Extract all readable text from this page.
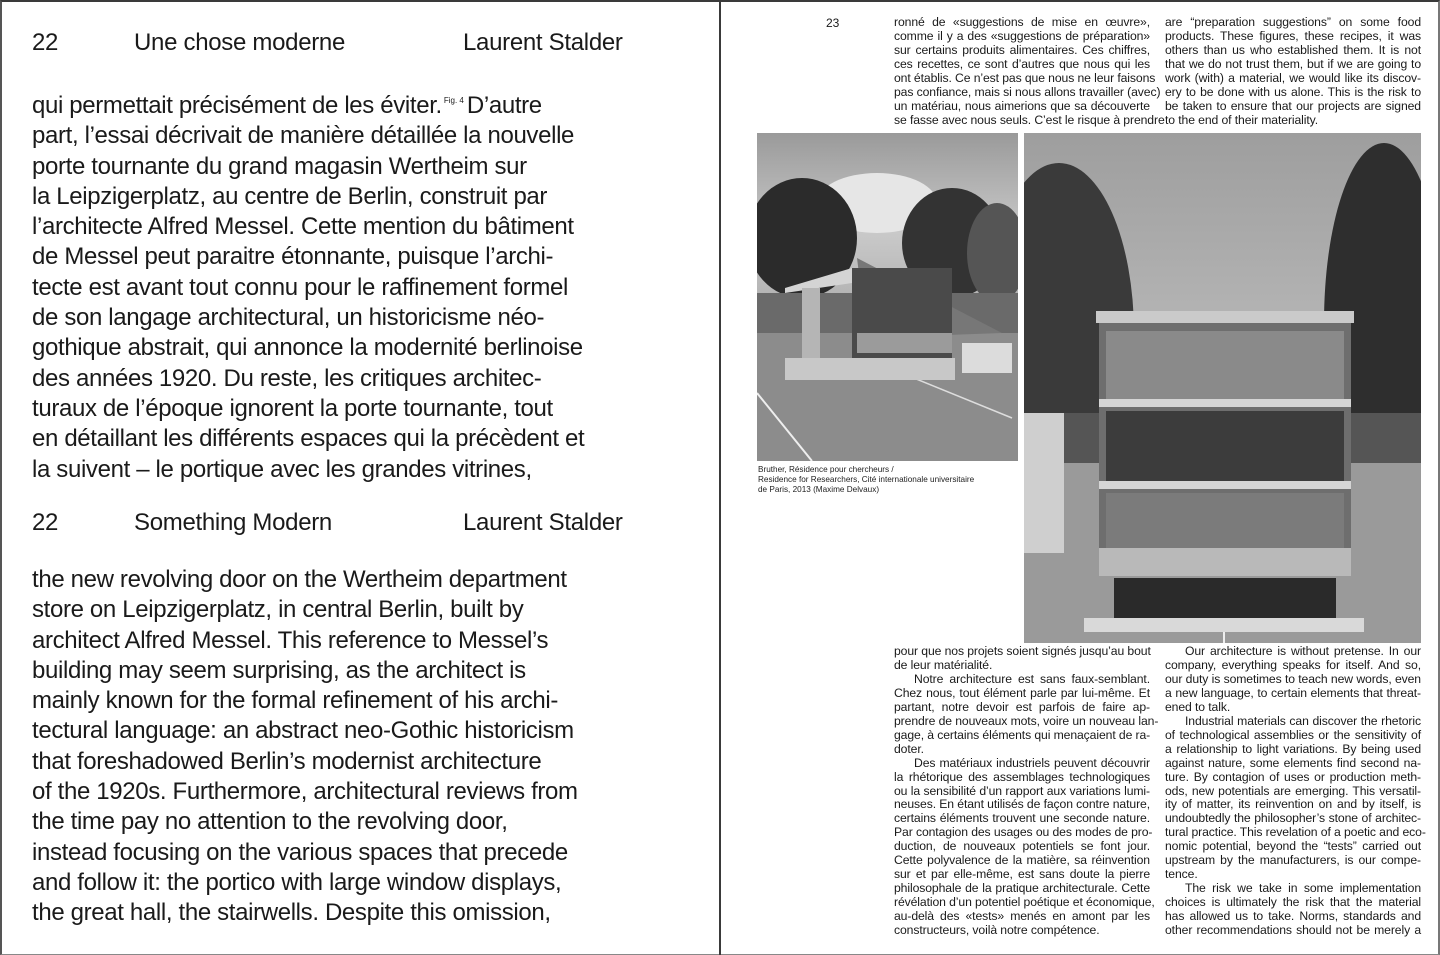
22	Une chose moderne	Laurent Stalder
qui permettait précisément de les éviter. $^{Fig. 4}$ D’autre
part, l’essai décrivait de manière détaillée la nouvelle
porte tournante du grand magasin Wertheim sur
la Leipzigerplatz, au centre de Berlin, construit par
l’architecte Alfred Messel. Cette mention du bâtiment
de Messel peut paraitre étonnante, puisque l’archi-
tecte est avant tout connu pour le raffinement formel
de son langage architectural, un historicisme néo-
gothique abstrait, qui annonce la modernité berlinoise
des années 1920. Du reste, les critiques architec-
turaux de l’époque ignorent la porte tournante, tout
en détaillant les différents espaces qui la précèdent et
la suivent – le portique avec les grandes vitrines,
22	Something Modern	Laurent Stalder
the new revolving door on the Wertheim department
store on Leipzigerplatz, in central Berlin, built by
architect Alfred Messel. This reference to Messel’s
building may seem surprising, as the architect is
mainly known for the formal refinement of his archi-
tectural language: an abstract neo-Gothic historicism
that foreshadowed Berlin’s modernist architecture
of the 1920s. Furthermore, architectural reviews from
the time pay no attention to the revolving door,
instead focusing on the various spaces that precede
and follow it: the portico with large window displays,
the great hall, the stairwells. Despite this omission,
23	ronné de «suggestions de mise en œuvre»,
comme il y a des «suggestions de préparation»
sur certains produits alimentaires. Ces chiffres,
ces recettes, ce sont d’autres que nous qui les
ont établis. Ce n’est pas que nous ne leur faisons
pas confiance, mais si nous allons travailler (avec)
un matériau, nous aimerions que sa découverte
se fasse avec nous seuls. C’est le risque à prendre
are “preparation suggestions” on some food
products. These figures, these recipes, it was
others than us who established them. It is not
that we do not trust them, but if we are going to
work (with) a material, we would like its discov-
ery to be done with us alone. This is the risk to
be taken to ensure that our projects are signed
to the end of their materiality.
Bruther, Résidence pour chercheurs /
Residence for Researchers, Cité internationale universitaire
de Paris, 2013 (Maxime Delvaux)
pour que nos projets soient signés jusqu’au bout
de leur matérialité.
Notre architecture est sans faux-semblant.
Chez nous, tout élément parle par lui-même. Et
partant, notre devoir est parfois de faire ap-
prendre de nouveaux mots, voire un nouveau lan-
gage, à certains éléments qui menaçaient de ra-
doter.
Des matériaux industriels peuvent découvrir
la rhétorique des assemblages technologiques
ou la sensibilité d’un rapport aux variations lumi-
neuses. En étant utilisés de façon contre nature,
certains éléments trouvent une seconde nature.
Par contagion des usages ou des modes de pro-
duction, de nouveaux potentiels se font jour.
Cette polyvalence de la matière, sa réinvention
sur et par elle-même, est sans doute la pierre
philosophale de la pratique architecturale. Cette
révélation d’un potentiel poétique et économique,
au-delà des «tests» menés en amont par les
constructeurs, voilà notre compétence.
Our architecture is without pretense. In our
company, everything speaks for itself. And so,
our duty is sometimes to teach new words, even
a new language, to certain elements that threat-
ened to talk.
Industrial materials can discover the rhetoric
of technological assemblies or the sensitivity of
a relationship to light variations. By being used
against nature, some elements find second na-
ture. By contagion of uses or production meth-
ods, new potentials are emerging. This versatil-
ity of matter, its reinvention on and by itself, is
undoubtedly the philosopher’s stone of architec-
tural practice. This revelation of a poetic and eco-
nomic potential, beyond the “tests” carried out
upstream by the manufacturers, is our compe-
tence.
The risk we take in some implementation
choices is ultimately the risk that the material
has allowed us to take. Norms, standards and
other recommendations should not be merely a
